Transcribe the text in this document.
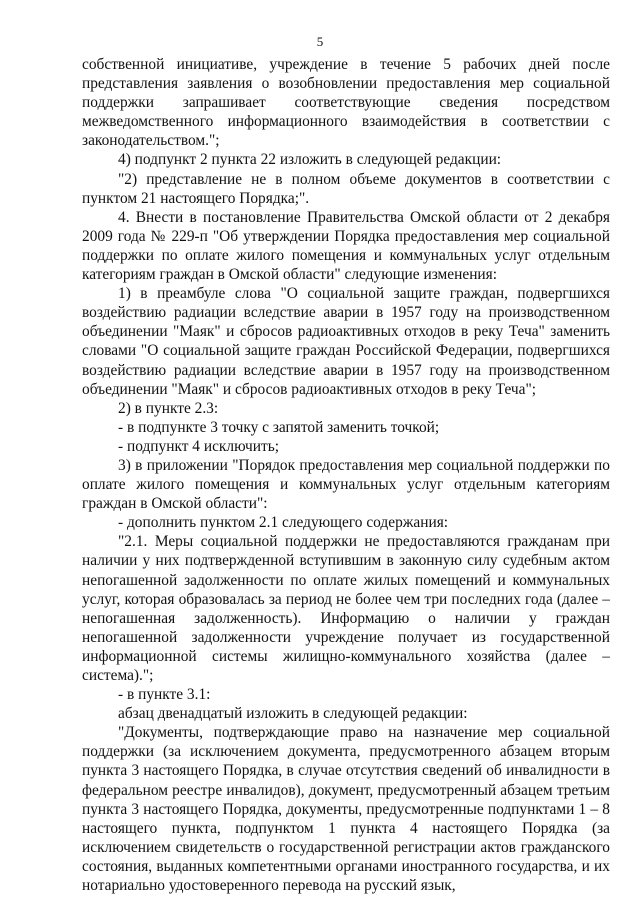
5

собственной инициативе, учреждение в течение 5 рабочих дней после представления заявления о возобновлении предоставления мер социальной поддержки запрашивает соответствующие сведения посредством межведомственного информационного взаимодействия в соответствии с законодательством.";

4) подпункт 2 пункта 22 изложить в следующей редакции:

"2) представление не в полном объеме документов в соответствии с пунктом 21 настоящего Порядка;".

4. Внести в постановление Правительства Омской области от 2 декабря 2009 года № 229-п "Об утверждении Порядка предоставления мер социальной поддержки по оплате жилого помещения и коммунальных услуг отдельным категориям граждан в Омской области" следующие изменения:

1) в преамбуле слова "О социальной защите граждан, подвергшихся воздействию радиации вследствие аварии в 1957 году на производственном объединении "Маяк" и сбросов радиоактивных отходов в реку Теча" заменить словами "О социальной защите граждан Российской Федерации, подвергшихся воздействию радиации вследствие аварии в 1957 году на производственном объединении "Маяк" и сбросов радиоактивных отходов в реку Теча";

2) в пункте 2.3:

- в подпункте 3 точку с запятой заменить точкой;

- подпункт 4 исключить;

3) в приложении "Порядок предоставления мер социальной поддержки по оплате жилого помещения и коммунальных услуг отдельным категориям граждан в Омской области":

- дополнить пунктом 2.1 следующего содержания:

"2.1. Меры социальной поддержки не предоставляются гражданам при наличии у них подтвержденной вступившим в законную силу судебным актом непогашенной задолженности по оплате жилых помещений и коммунальных услуг, которая образовалась за период не более чем три последних года (далее – непогашенная задолженность). Информацию о наличии у граждан непогашенной задолженности учреждение получает из государственной информационной системы жилищно-коммунального хозяйства (далее – система).";

- в пункте 3.1:

абзац двенадцатый изложить в следующей редакции:

"Документы, подтверждающие право на назначение мер социальной поддержки (за исключением документа, предусмотренного абзацем вторым пункта 3 настоящего Порядка, в случае отсутствия сведений об инвалидности в федеральном реестре инвалидов), документ, предусмотренный абзацем третьим пункта 3 настоящего Порядка, документы, предусмотренные подпунктами 1 – 8 настоящего пункта, подпунктом 1 пункта 4 настоящего Порядка (за исключением свидетельств о государственной регистрации актов гражданского состояния, выданных компетентными органами иностранного государства, и их нотариально удостоверенного перевода на русский язык,
